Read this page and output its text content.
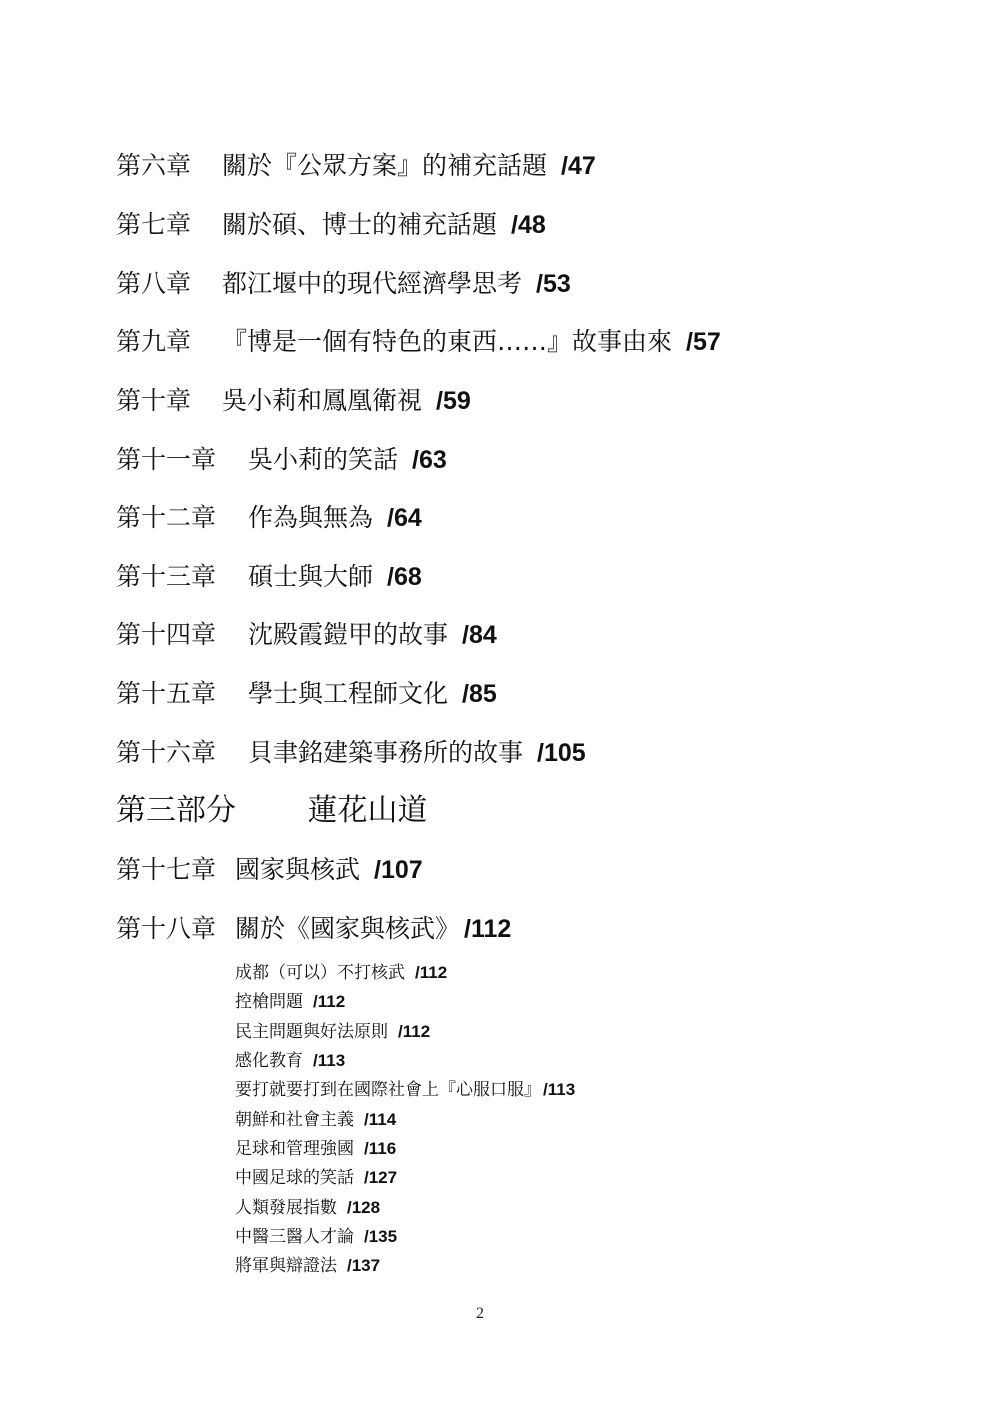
第六章	關於『公眾方案』的補充話題 /47
第七章	關於碩、博士的補充話題 /48
第八章	都江堰中的現代經濟學思考 /53
第九章	『博是一個有特色的東西……』故事由來 /57
第十章	吳小莉和鳳凰衛視 /59
第十一章	吳小莉的笑話 /63
第十二章	作為與無為 /64
第十三章	碩士與大師 /68
第十四章	沈殿霞鎧甲的故事 /84
第十五章	學士與工程師文化 /85
第十六章	貝聿銘建築事務所的故事 /105
第三部分 蓮花山道
第十七章 國家與核武 /107
第十八章 關於《國家與核武》 /112
成都（可以）不打核武 /112
控槍問題 /112
民主問題與好法原則 /112
感化教育 /113
要打就要打到在國際社會上『心服口服』 /113
朝鮮和社會主義 /114
足球和管理強國 /116
中國足球的笑話 /127
人類發展指數 /128
中醫三醫人才論 /135
將軍與辯證法 /137
2
